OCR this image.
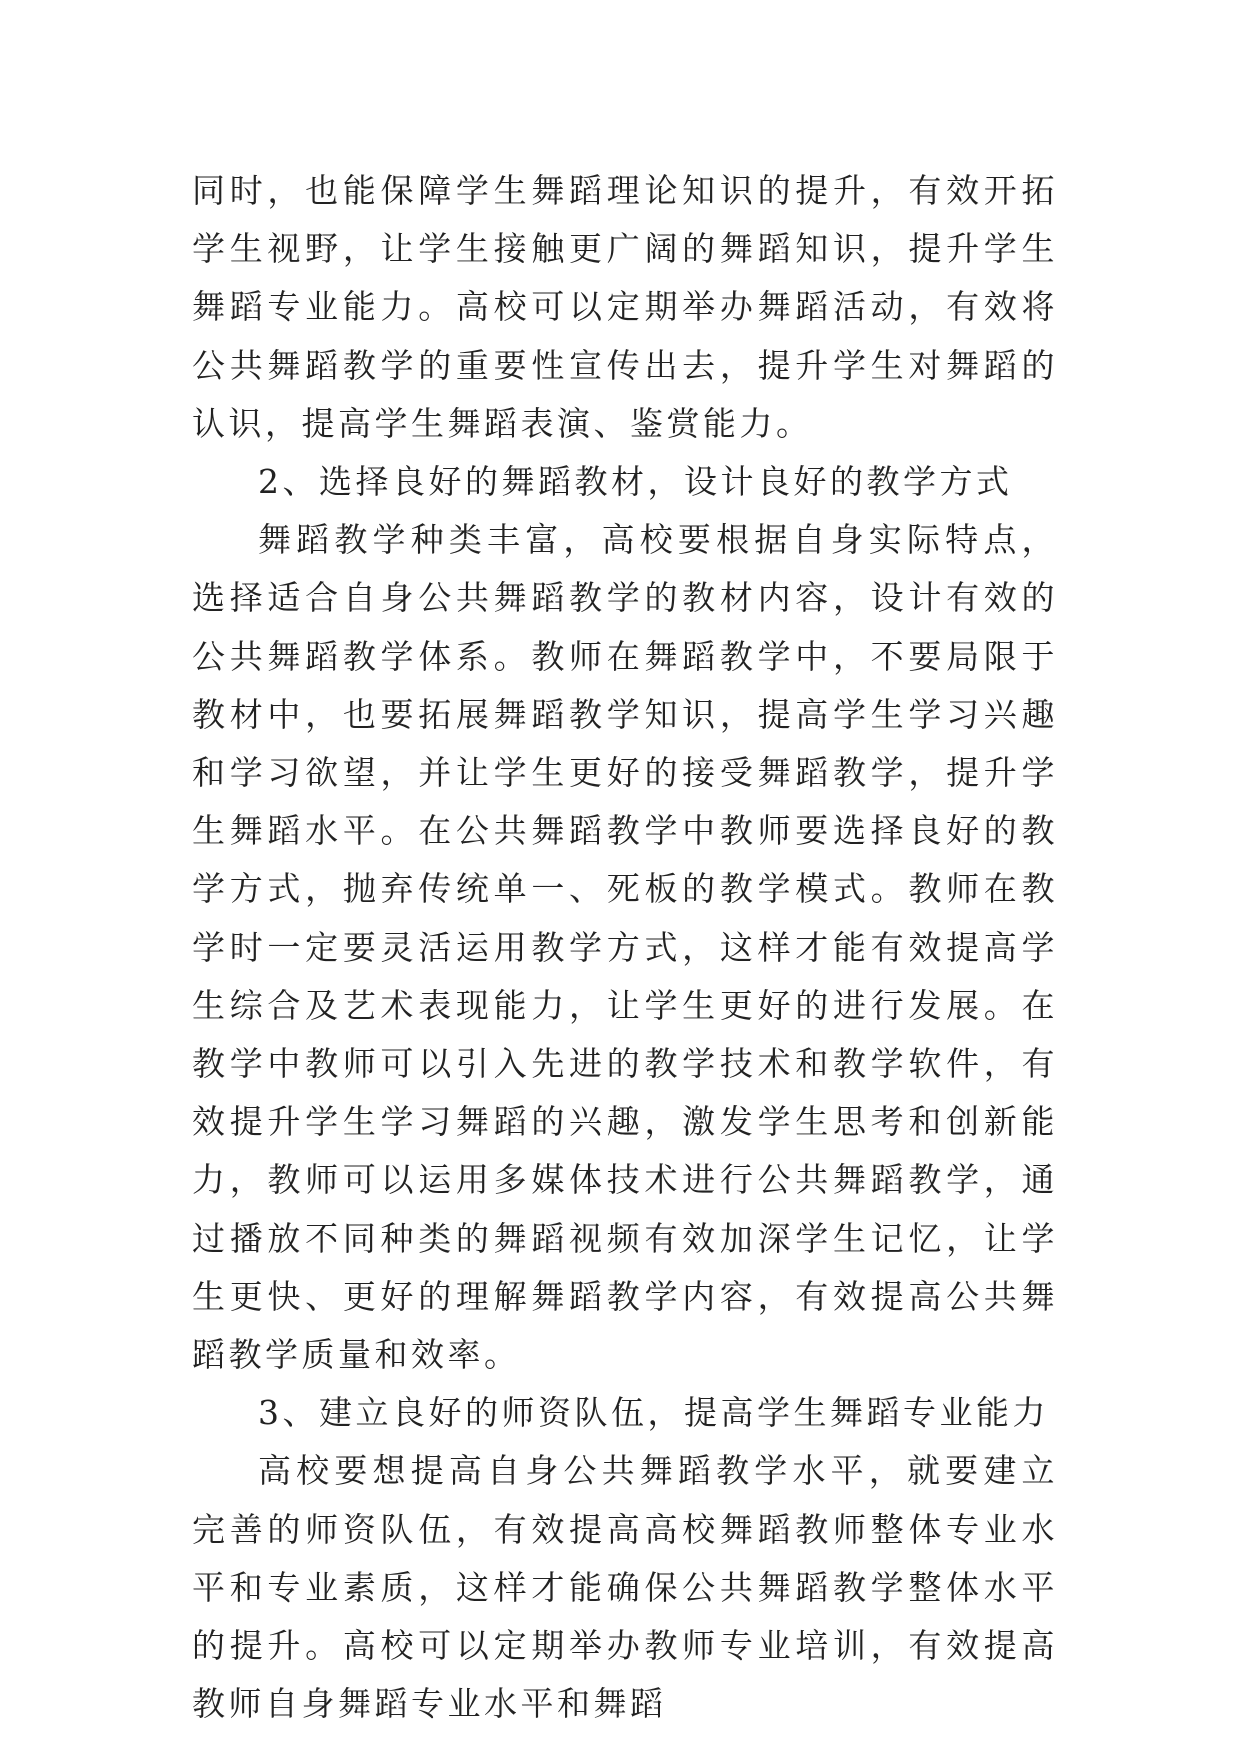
同时，也能保障学生舞蹈理论知识的提升，有效开拓学生视野，让学生接触更广阔的舞蹈知识，提升学生舞蹈专业能力。高校可以定期举办舞蹈活动，有效将公共舞蹈教学的重要性宣传出去，提升学生对舞蹈的认识，提高学生舞蹈表演、鉴赏能力。

2、选择良好的舞蹈教材，设计良好的教学方式

舞蹈教学种类丰富，高校要根据自身实际特点，选择适合自身公共舞蹈教学的教材内容，设计有效的公共舞蹈教学体系。教师在舞蹈教学中，不要局限于教材中，也要拓展舞蹈教学知识，提高学生学习兴趣和学习欲望，并让学生更好的接受舞蹈教学，提升学生舞蹈水平。在公共舞蹈教学中教师要选择良好的教学方式，抛弃传统单一、死板的教学模式。教师在教学时一定要灵活运用教学方式，这样才能有效提高学生综合及艺术表现能力，让学生更好的进行发展。在教学中教师可以引入先进的教学技术和教学软件，有效提升学生学习舞蹈的兴趣，激发学生思考和创新能力，教师可以运用多媒体技术进行公共舞蹈教学，通过播放不同种类的舞蹈视频有效加深学生记忆，让学生更快、更好的理解舞蹈教学内容，有效提高公共舞蹈教学质量和效率。

3、建立良好的师资队伍，提高学生舞蹈专业能力

高校要想提高自身公共舞蹈教学水平，就要建立完善的师资队伍，有效提高高校舞蹈教师整体专业水平和专业素质，这样才能确保公共舞蹈教学整体水平的提升。高校可以定期举办教师专业培训，有效提高教师自身舞蹈专业水平和舞蹈
